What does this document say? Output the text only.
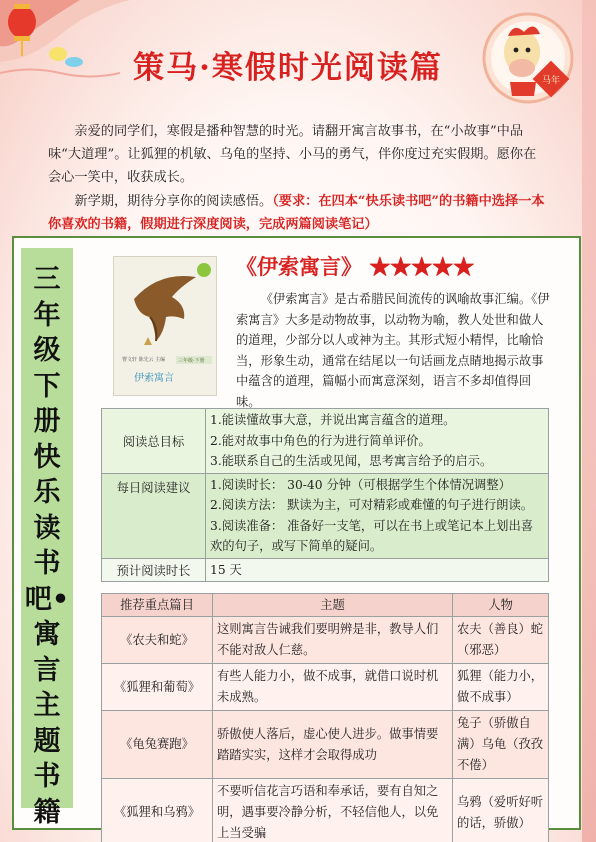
策马·寒假时光阅读篇	马年

亲爱的同学们，寒假是播种智慧的时光。请翻开寓言故事书，在“小故事”中品味“大道理”。让狐狸的机敏、乌龟的坚持、小马的勇气，伴你度过充实假期。愿你在会心一笑中，收获成长。

新学期，期待分享你的阅读感悟。（要求：在四本“快乐读书吧”的书籍中选择一本你喜欢的书籍，假期进行深度阅读，完成两篇阅读笔记）

三年级下册快乐读书吧•寓言主题书籍
曹文轩 陈先云 主编	三年级·下册
伊索寓言
《伊索寓言》 ★★★★★

《伊索寓言》是古希腊民间流传的讽喻故事汇编。《伊索寓言》大多是动物故事，以动物为喻，教人处世和做人的道理，少部分以人或神为主。其形式短小精悍，比喻恰当，形象生动，通常在结尾以一句话画龙点睛地揭示故事中蕴含的道理，篇幅小而寓意深刻，语言不多却值得回味。

阅读总目标	1.能读懂故事大意，并说出寓言蕴含的道理。
2.能对故事中角色的行为进行简单评价。
3.能联系自己的生活或见闻，思考寓言给予的启示。

每日阅读建议	1.阅读时长： 30-40 分钟（可根据学生个体情况调整）
2.阅读方法： 默读为主，可对精彩或难懂的句子进行朗读。
3.阅读准备： 准备好一支笔，可以在书上或笔记本上划出喜欢的句子，或写下简单的疑问。

预计阅读时长	15 天
推荐重点篇目	主题	人物
《农夫和蛇》	这则寓言告诫我们要明辨是非，教导人们不能对敌人仁慈。	农夫（善良）蛇（邪恶）
《狐狸和葡萄》	有些人能力小，做不成事，就借口说时机未成熟。	狐狸（能力小，做不成事）
《龟兔赛跑》	骄傲使人落后，虚心使人进步。做事情要踏踏实实，这样才会取得成功	兔子（骄傲自满）乌龟（孜孜不倦）
《狐狸和乌鸦》	不要听信花言巧语和奉承话，要有自知之明，遇事要冷静分析，不轻信他人，以免上当受骗	乌鸦（爱听好听的话，骄傲）
